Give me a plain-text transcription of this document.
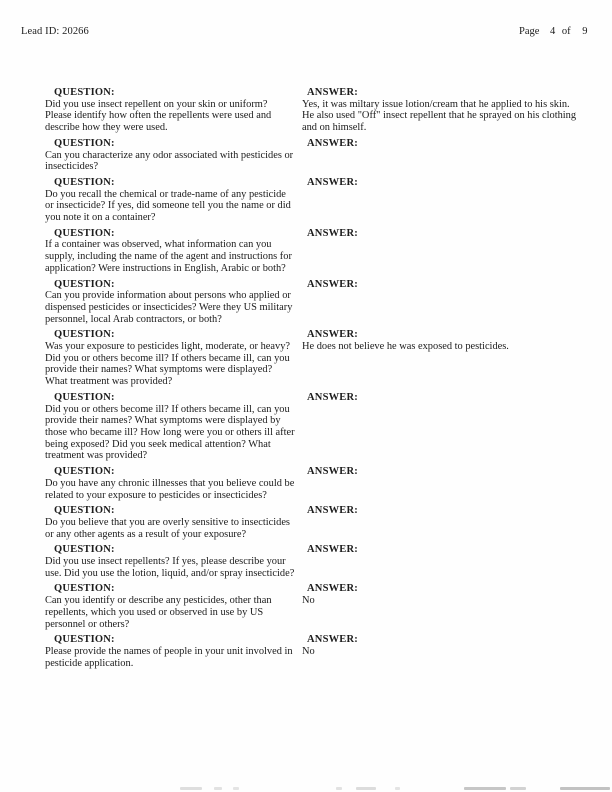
Lead ID: 20266	Page 4 of 9
QUESTION:
Did you use insect repellent on your skin or uniform? Please identify how often the repellents were used and describe how they were used.
ANSWER:
Yes, it was miltary issue lotion/cream that he applied to his skin. He also used "Off" insect repellent that he sprayed on his clothing and on himself.
QUESTION:
Can you characterize any odor associated with pesticides or insecticides?
ANSWER:
QUESTION:
Do you recall the chemical or trade-name of any pesticide or insecticide? If yes, did someone tell you the name or did you note it on a container?
ANSWER:
QUESTION:
If a container was observed, what information can you supply, including the name of the agent and instructions for application? Were instructions in English, Arabic or both?
ANSWER:
QUESTION:
Can you provide information about persons who applied or dispensed pesticides or insecticides? Were they US military personnel, local Arab contractors, or both?
ANSWER:
QUESTION:
Was your exposure to pesticides light, moderate, or heavy? Did you or others become ill? If others became ill, can you provide their names? What symptoms were displayed? What treatment was provided?
ANSWER:
He does not believe he was exposed to pesticides.
QUESTION:
Did you or others become ill? If others became ill, can you provide their names? What symptoms were displayed by those who became ill? How long were you or others ill after being exposed? Did you seek medical attention? What treatment was provided?
ANSWER:
QUESTION:
Do you have any chronic illnesses that you believe could be related to your exposure to pesticides or insecticides?
ANSWER:
QUESTION:
Do you believe that you are overly sensitive to insecticides or any other agents as a result of your exposure?
ANSWER:
QUESTION:
Did you use insect repellents? If yes, please describe your use. Did you use the lotion, liquid, and/or spray insecticide?
ANSWER:
QUESTION:
Can you identify or describe any pesticides, other than repellents, which you used or observed in use by US personnel or others?
ANSWER:
No
QUESTION:
Please provide the names of people in your unit involved in pesticide application.
ANSWER:
No
